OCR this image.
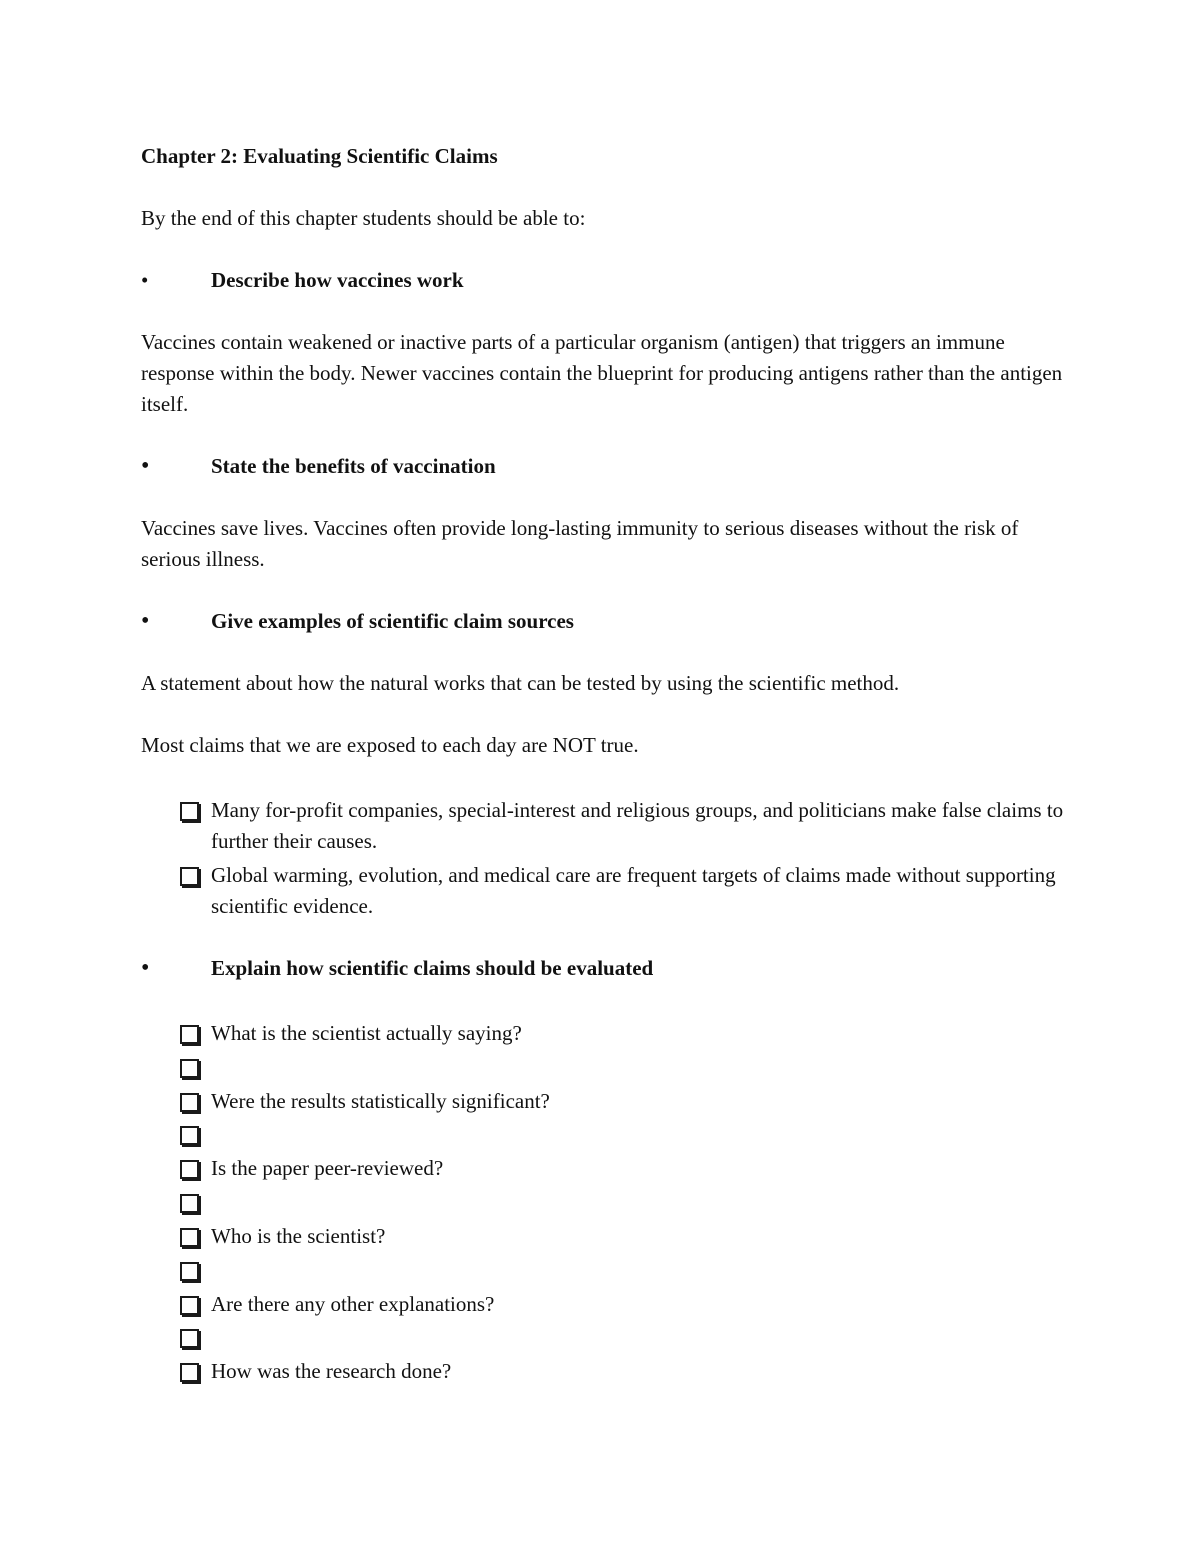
Chapter 2: Evaluating Scientific Claims
By the end of this chapter students should be able to:
•	Describe how vaccines work
Vaccines contain weakened or inactive parts of a particular organism (antigen) that triggers an immune response within the body. Newer vaccines contain the blueprint for producing antigens rather than the antigen itself.
•	State the benefits of vaccination
Vaccines save lives. Vaccines often provide long-lasting immunity to serious diseases without the risk of serious illness.
•	Give examples of scientific claim sources
A statement about how the natural works that can be tested by using the scientific method.
Most claims that we are exposed to each day are NOT true.
Many for-profit companies, special-interest and religious groups, and politicians make false claims to further their causes.
Global warming, evolution, and medical care are frequent targets of claims made without supporting scientific evidence.
•	Explain how scientific claims should be evaluated
What is the scientist actually saying?
Were the results statistically significant?
Is the paper peer-reviewed?
Who is the scientist?
Are there any other explanations?
How was the research done?
